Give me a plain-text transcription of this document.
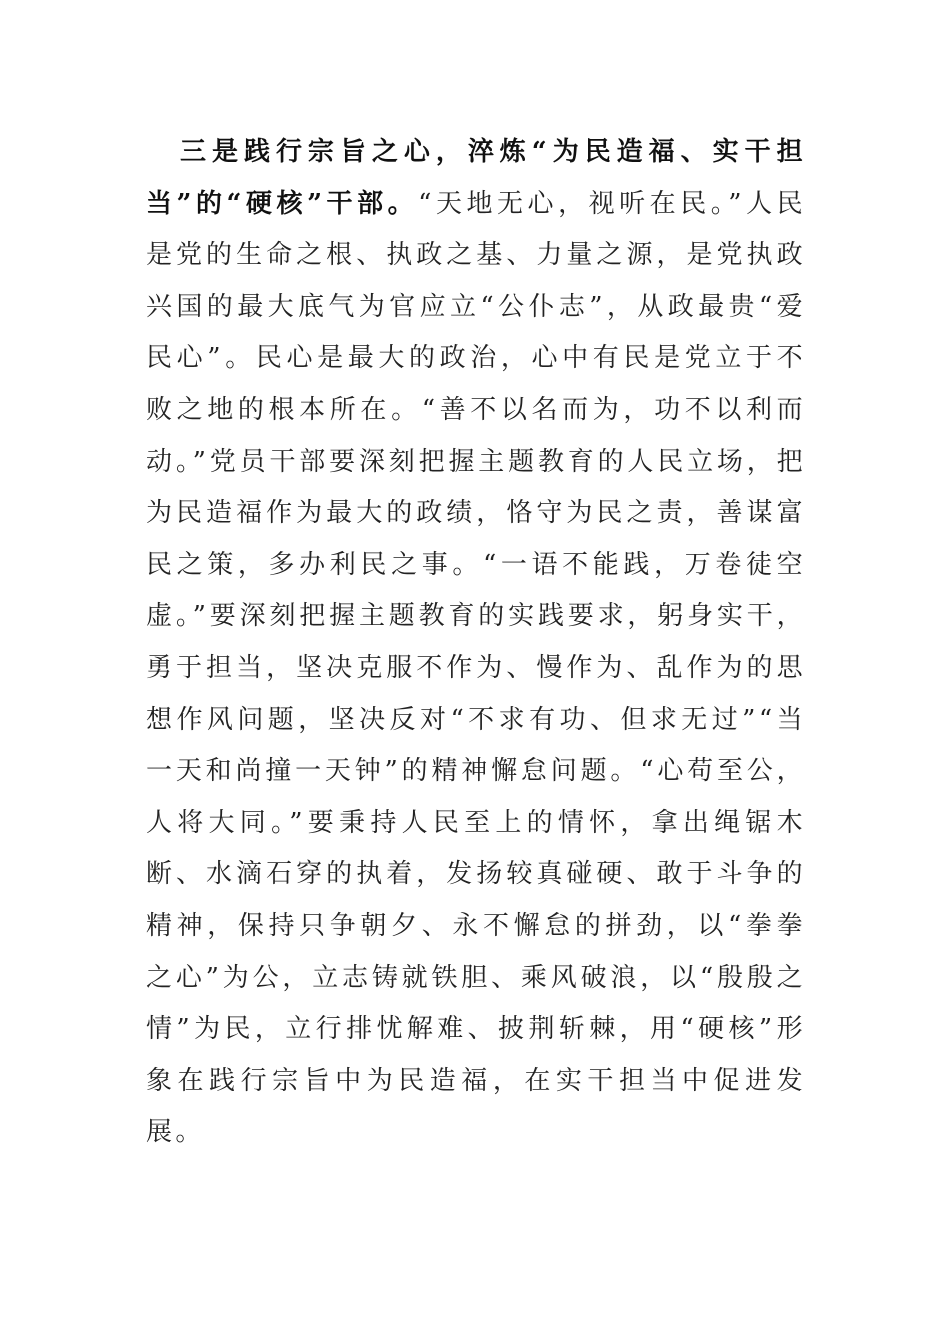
三是践行宗旨之心，淬炼“为民造福、实干担当”的“硬核”干部。“天地无心，视听在民。”人民是党的生命之根、执政之基、力量之源，是党执政兴国的最大底气为官应立“公仆志”，从政最贵“爱民心”。民心是最大的政治，心中有民是党立于不败之地的根本所在。“善不以名而为，功不以利而动。”党员干部要深刻把握主题教育的人民立场，把为民造福作为最大的政绩，恪守为民之责，善谋富民之策，多办利民之事。“一语不能践，万卷徒空虚。”要深刻把握主题教育的实践要求，躬身实干，勇于担当，坚决克服不作为、慢作为、乱作为的思想作风问题，坚决反对“不求有功、但求无过”“当一天和尚撞一天钟”的精神懈怠问题。“心苟至公，人将大同。”要秉持人民至上的情怀，拿出绳锯木断、水滴石穿的执着，发扬较真碰硬、敢于斗争的精神，保持只争朝夕、永不懈怠的拼劲，以“拳拳之心”为公，立志铸就铁胆、乘风破浪，以“殷殷之情”为民，立行排忧解难、披荆斩棘，用“硬核”形象在践行宗旨中为民造福，在实干担当中促进发展。
